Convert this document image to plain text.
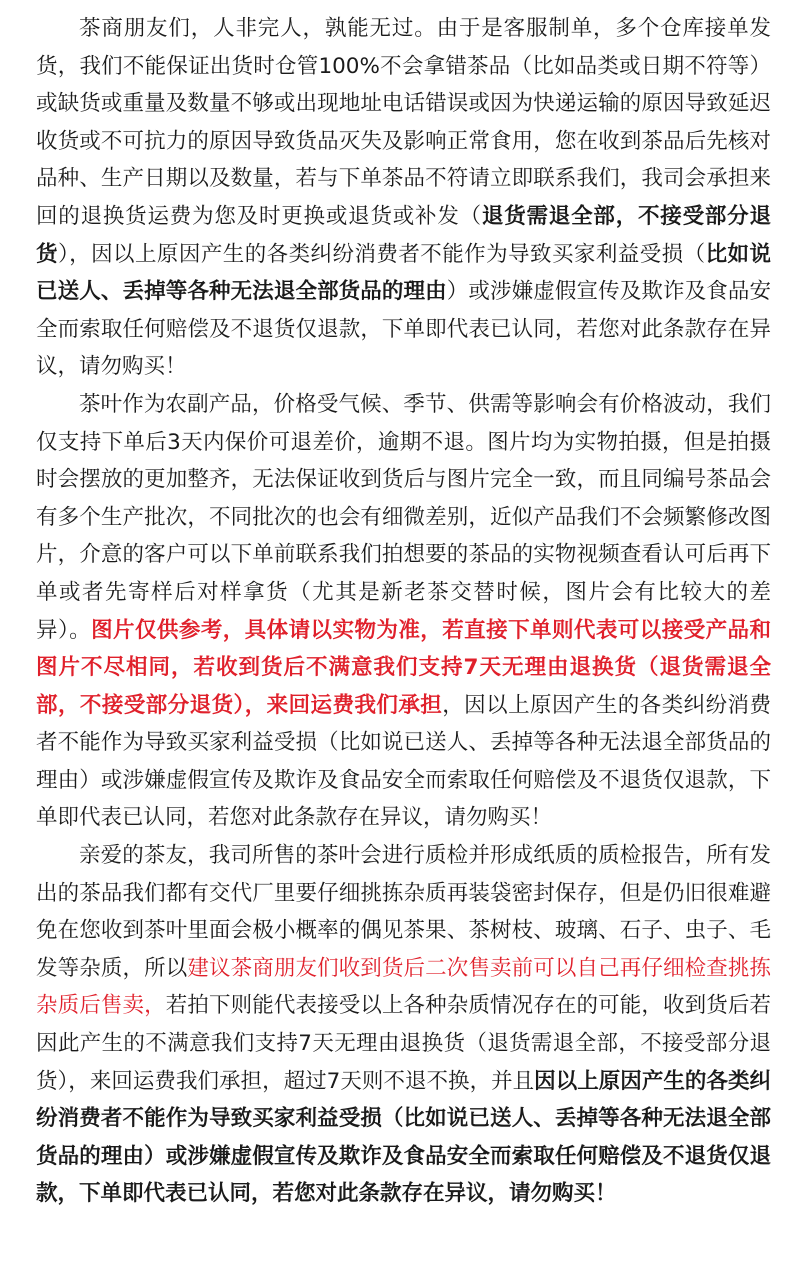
茶商朋友们，人非完人，孰能无过。由于是客服制单，多个仓库接单发货，我们不能保证出货时仓管100%不会拿错茶品（比如品类或日期不符等）或缺货或重量及数量不够或出现地址电话错误或因为快递运输的原因导致延迟收货或不可抗力的原因导致货品灭失及影响正常食用，您在收到茶品后先核对品种、生产日期以及数量，若与下单茶品不符请立即联系我们，我司会承担来回的退换货运费为您及时更换或退货或补发（退货需退全部，不接受部分退货），因以上原因产生的各类纠纷消费者不能作为导致买家利益受损（比如说已送人、丢掉等各种无法退全部货品的理由）或涉嫌虚假宣传及欺诈及食品安全而索取任何赔偿及不退货仅退款，下单即代表已认同，若您对此条款存在异议，请勿购买！

茶叶作为农副产品，价格受气候、季节、供需等影响会有价格波动，我们仅支持下单后3天内保价可退差价，逾期不退。图片均为实物拍摄，但是拍摄时会摆放的更加整齐，无法保证收到货后与图片完全一致，而且同编号茶品会有多个生产批次，不同批次的也会有细微差别，近似产品我们不会频繁修改图片，介意的客户可以下单前联系我们拍想要的茶品的实物视频查看认可后再下单或者先寄样后对样拿货（尤其是新老茶交替时候，图片会有比较大的差异）。图片仅供参考，具体请以实物为准，若直接下单则代表可以接受产品和图片不尽相同，若收到货后不满意我们支持7天无理由退换货（退货需退全部，不接受部分退货），来回运费我们承担，因以上原因产生的各类纠纷消费者不能作为导致买家利益受损（比如说已送人、丢掉等各种无法退全部货品的理由）或涉嫌虚假宣传及欺诈及食品安全而索取任何赔偿及不退货仅退款，下单即代表已认同，若您对此条款存在异议，请勿购买！

亲爱的茶友，我司所售的茶叶会进行质检并形成纸质的质检报告，所有发出的茶品我们都有交代厂里要仔细挑拣杂质再装袋密封保存，但是仍旧很难避免在您收到茶叶里面会极小概率的偶见茶果、茶树枝、玻璃、石子、虫子、毛发等杂质，所以建议茶商朋友们收到货后二次售卖前可以自己再仔细检查挑拣杂质后售卖，若拍下则能代表接受以上各种杂质情况存在的可能，收到货后若因此产生的不满意我们支持7天无理由退换货（退货需退全部，不接受部分退货），来回运费我们承担，超过7天则不退不换，并且因以上原因产生的各类纠纷消费者不能作为导致买家利益受损（比如说已送人、丢掉等各种无法退全部货品的理由）或涉嫌虚假宣传及欺诈及食品安全而索取任何赔偿及不退货仅退款，下单即代表已认同，若您对此条款存在异议，请勿购买！
